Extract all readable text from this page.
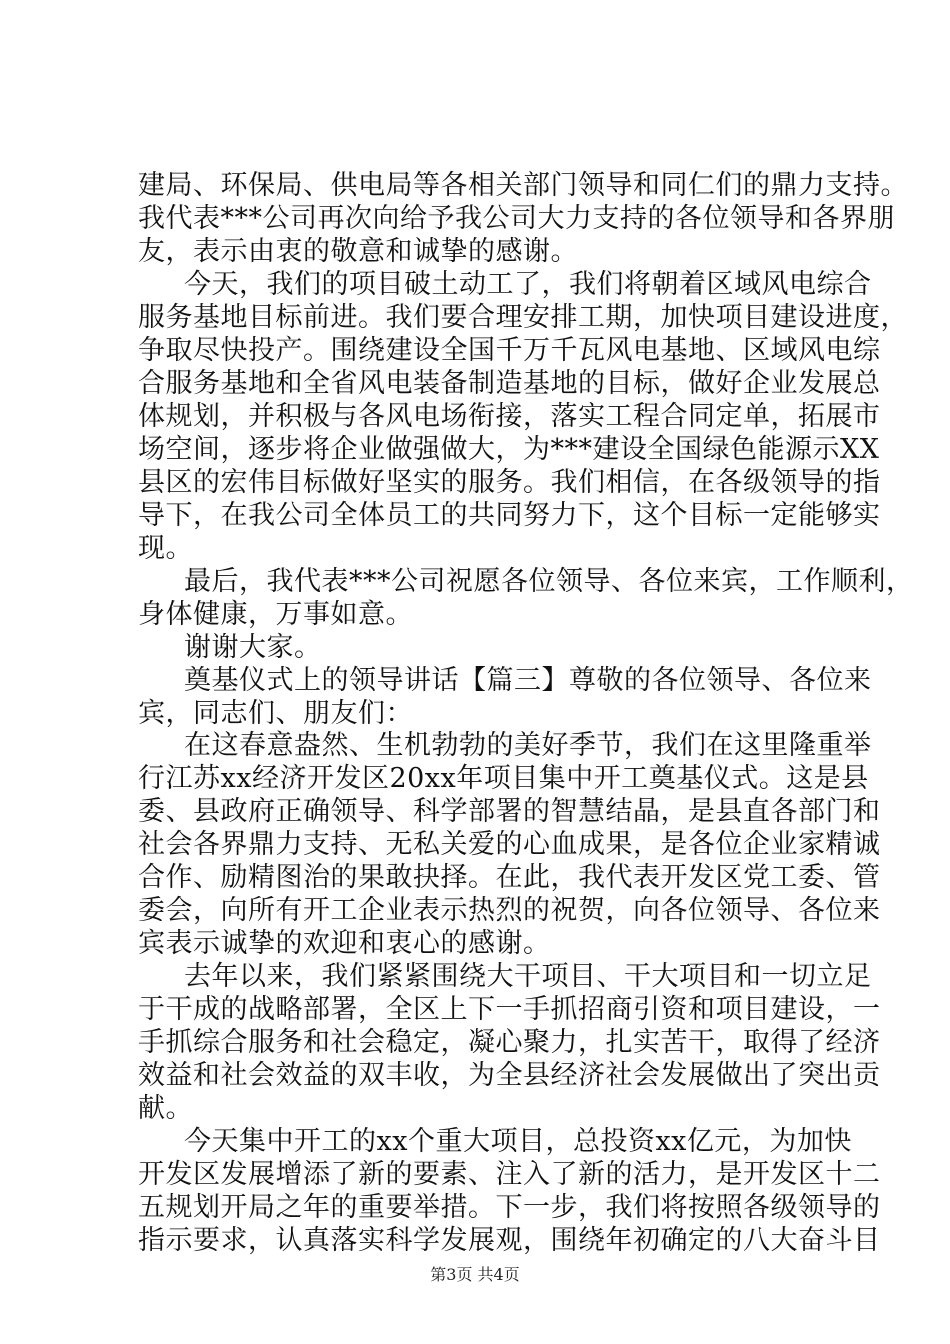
建局、环保局、供电局等各相关部门领导和同仁们的鼎力支持。
我代表***公司再次向给予我公司大力支持的各位领导和各界朋
友，表示由衷的敬意和诚挚的感谢。
今天，我们的项目破土动工了，我们将朝着区域风电综合
服务基地目标前进。我们要合理安排工期，加快项目建设进度，
争取尽快投产。围绕建设全国千万千瓦风电基地、区域风电综
合服务基地和全省风电装备制造基地的目标，做好企业发展总
体规划，并积极与各风电场衔接，落实工程合同定单，拓展市
场空间，逐步将企业做强做大，为***建设全国绿色能源示XX
县区的宏伟目标做好坚实的服务。我们相信，在各级领导的指
导下，在我公司全体员工的共同努力下，这个目标一定能够实
现。
最后，我代表***公司祝愿各位领导、各位来宾，工作顺利，
身体健康，万事如意。
谢谢大家。
奠基仪式上的领导讲话【篇三】尊敬的各位领导、各位来
宾，同志们、朋友们：
在这春意盎然、生机勃勃的美好季节，我们在这里隆重举
行江苏xx经济开发区20xx年项目集中开工奠基仪式。这是县
委、县政府正确领导、科学部署的智慧结晶，是县直各部门和
社会各界鼎力支持、无私关爱的心血成果，是各位企业家精诚
合作、励精图治的果敢抉择。在此，我代表开发区党工委、管
委会，向所有开工企业表示热烈的祝贺，向各位领导、各位来
宾表示诚挚的欢迎和衷心的感谢。
去年以来，我们紧紧围绕大干项目、干大项目和一切立足
于干成的战略部署，全区上下一手抓招商引资和项目建设，一
手抓综合服务和社会稳定，凝心聚力，扎实苦干，取得了经济
效益和社会效益的双丰收，为全县经济社会发展做出了突出贡
献。
今天集中开工的xx个重大项目，总投资xx亿元，为加快
开发区发展增添了新的要素、注入了新的活力，是开发区十二
五规划开局之年的重要举措。下一步，我们将按照各级领导的
指示要求，认真落实科学发展观，围绕年初确定的八大奋斗目
第3页 共4页
